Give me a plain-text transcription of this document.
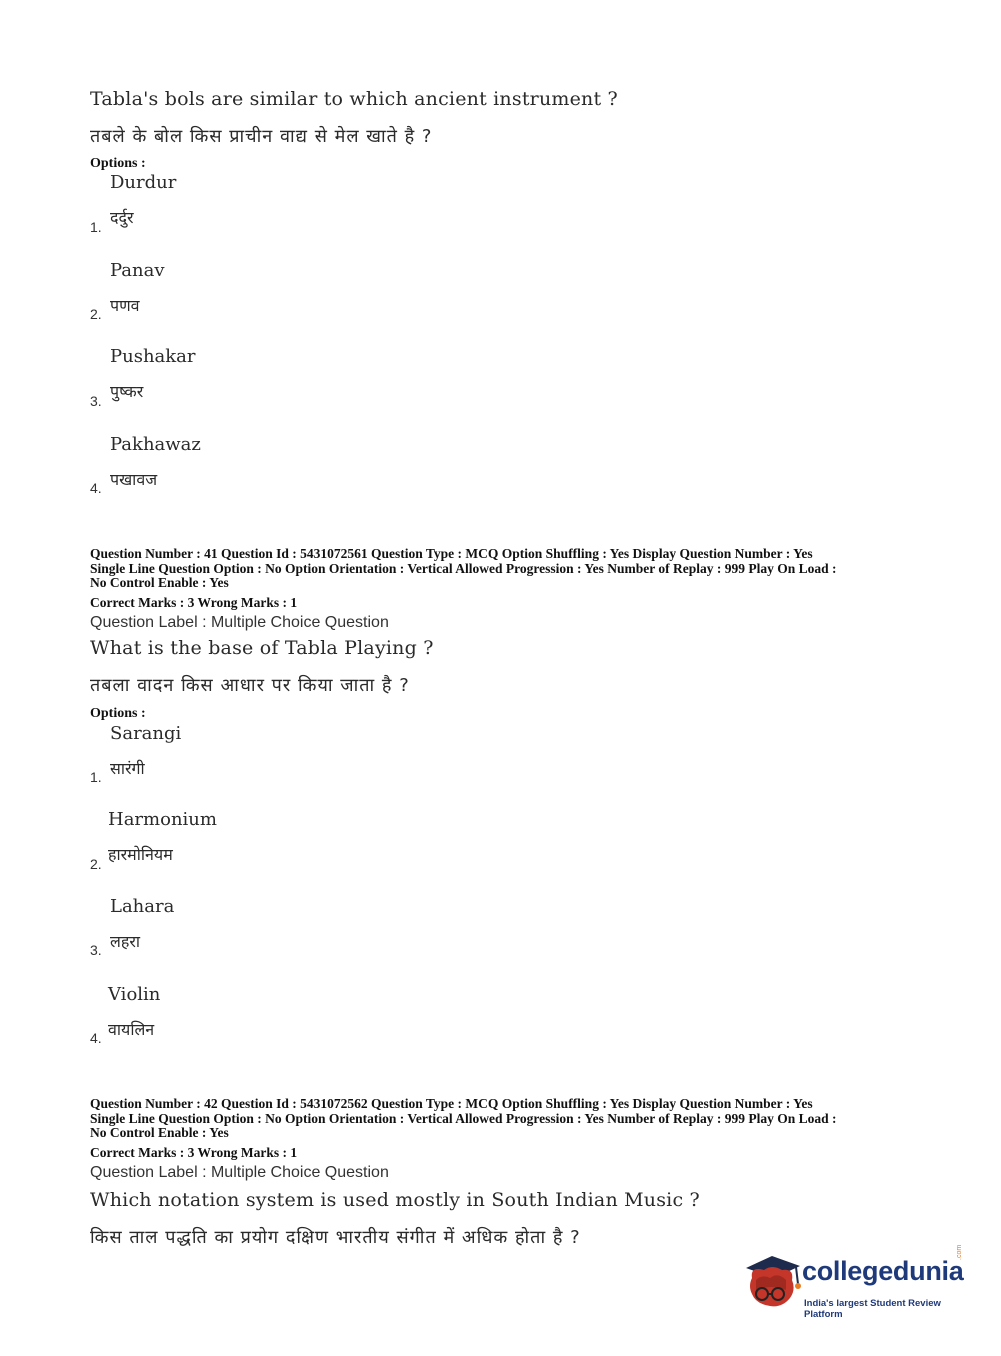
Tabla's bols are similar to which ancient instrument ?
तबले के बोल किस प्राचीन वाद्य से मेल खाते है ?
Options :
Durdur
1. दर्दुर
Panav
2. पणव
Pushakar
3. पुष्कर
Pakhawaz
4. पखावज
Question Number : 41 Question Id : 5431072561 Question Type : MCQ Option Shuffling : Yes Display Question Number : Yes
Single Line Question Option : No Option Orientation : Vertical Allowed Progression : Yes Number of Replay : 999 Play On Load :
No Control Enable : Yes
Correct Marks : 3 Wrong Marks : 1
Question Label : Multiple Choice Question
What is the base of Tabla Playing ?
तबला वादन किस आधार पर किया जाता है ?
Options :
Sarangi
1. सारंगी
Harmonium
2. हारमोनियम
Lahara
3. लहरा
Violin
4. वायलिन
Question Number : 42 Question Id : 5431072562 Question Type : MCQ Option Shuffling : Yes Display Question Number : Yes
Single Line Question Option : No Option Orientation : Vertical Allowed Progression : Yes Number of Replay : 999 Play On Load :
No Control Enable : Yes
Correct Marks : 3 Wrong Marks : 1
Question Label : Multiple Choice Question
Which notation system is used mostly in South Indian Music ?
किस ताल पद्धति का प्रयोग दक्षिण भारतीय संगीत में अधिक होता है ?
collegedunia
.com
India's largest Student Review Platform
